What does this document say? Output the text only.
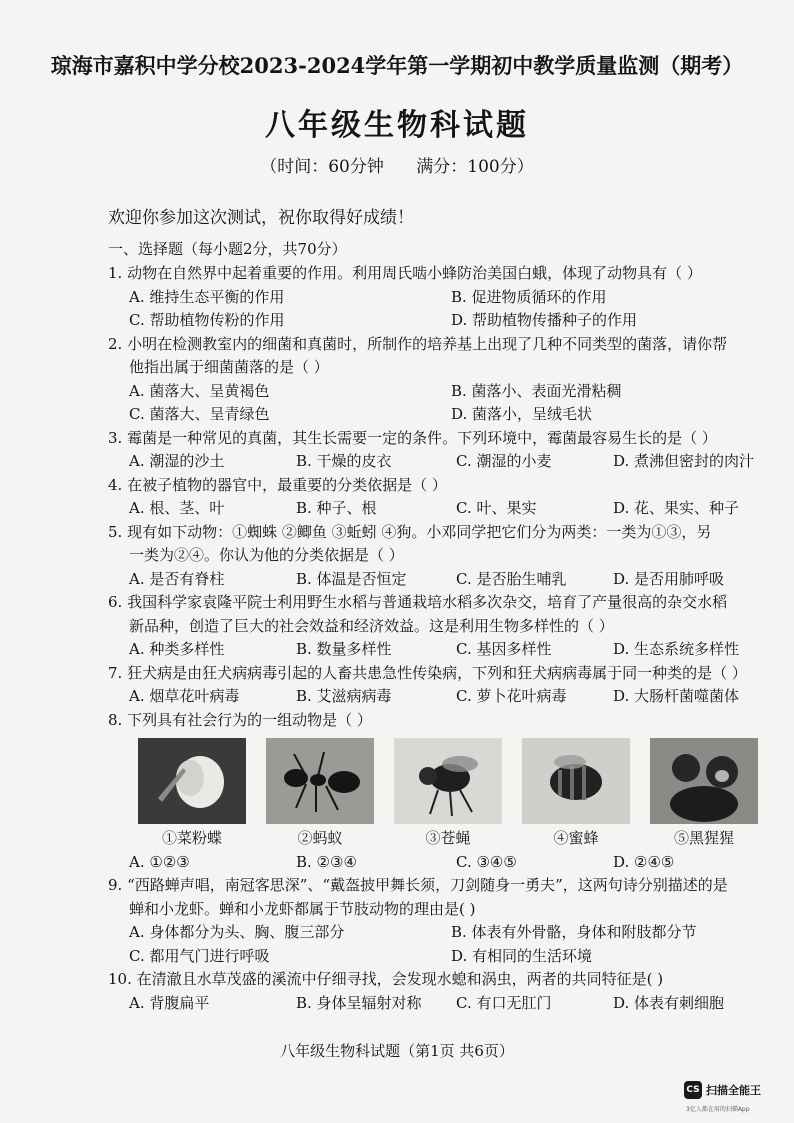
琼海市嘉积中学分校2023-2024学年第一学期初中教学质量监测（期考）
八年级生物科试题
（时间：60分钟      满分：100分）
欢迎你参加这次测试，祝你取得好成绩！
一、选择题（每小题2分，共70分）
1. 动物在自然界中起着重要的作用。利用周氏啮小蜂防治美国白蛾，体现了动物具有（ ）
A. 维持生态平衡的作用	B. 促进物质循环的作用
C. 帮助植物传粉的作用	D. 帮助植物传播种子的作用
2. 小明在检测教室内的细菌和真菌时，所制作的培养基上出现了几种不同类型的菌落，请你帮
他指出属于细菌菌落的是（ ）
A. 菌落大、呈黄褐色	B. 菌落小、表面光滑粘稠
C. 菌落大、呈青绿色	D. 菌落小，呈绒毛状
3. 霉菌是一种常见的真菌，其生长需要一定的条件。下列环境中，霉菌最容易生长的是（ ）
A. 潮湿的沙土	B. 干燥的皮衣	C. 潮湿的小麦	D. 煮沸但密封的肉汁
4. 在被子植物的器官中，最重要的分类依据是（ ）
A. 根、茎、叶	B. 种子、根	C. 叶、果实	D. 花、果实、种子
5. 现有如下动物：①蜘蛛 ②鲫鱼 ③蚯蚓 ④狗。小邓同学把它们分为两类：一类为①③，另
一类为②④。你认为他的分类依据是（ ）
A. 是否有脊柱	B. 体温是否恒定	C. 是否胎生哺乳	D. 是否用肺呼吸
6. 我国科学家袁隆平院士利用野生水稻与普通栽培水稻多次杂交，培育了产量很高的杂交水稻
新品种，创造了巨大的社会效益和经济效益。这是利用生物多样性的（ ）
A. 种类多样性	B. 数量多样性	C. 基因多样性	D. 生态系统多样性
7. 狂犬病是由狂犬病病毒引起的人畜共患急性传染病，下列和狂犬病病毒属于同一种类的是（ ）
A. 烟草花叶病毒	B. 艾滋病病毒	C. 萝卜花叶病毒	D. 大肠杆菌噬菌体
8. 下列具有社会行为的一组动物是（ ）
①菜粉蝶	②蚂蚁	③苍蝇	④蜜蜂	⑤黑猩猩
A. ①②③	B. ②③④	C. ③④⑤	D. ②④⑤
9. “西路蝉声唱，南冠客思深”、“戴盔披甲舞长须，刀剑随身一勇夫”，这两句诗分别描述的是
蝉和小龙虾。蝉和小龙虾都属于节肢动物的理由是( )
A. 身体都分为头、胸、腹三部分	B. 体表有外骨骼，身体和附肢都分节
C. 都用气门进行呼吸	D. 有相同的生活环境
10. 在清澈且水草茂盛的溪流中仔细寻找，会发现水螅和涡虫，两者的共同特征是( )
A. 背腹扁平	B. 身体呈辐射对称	C. 有口无肛门	D. 体表有刺细胞
八年级生物科试题（第1页 共6页）
CS 扫描全能王
3亿人都在用的扫描App
